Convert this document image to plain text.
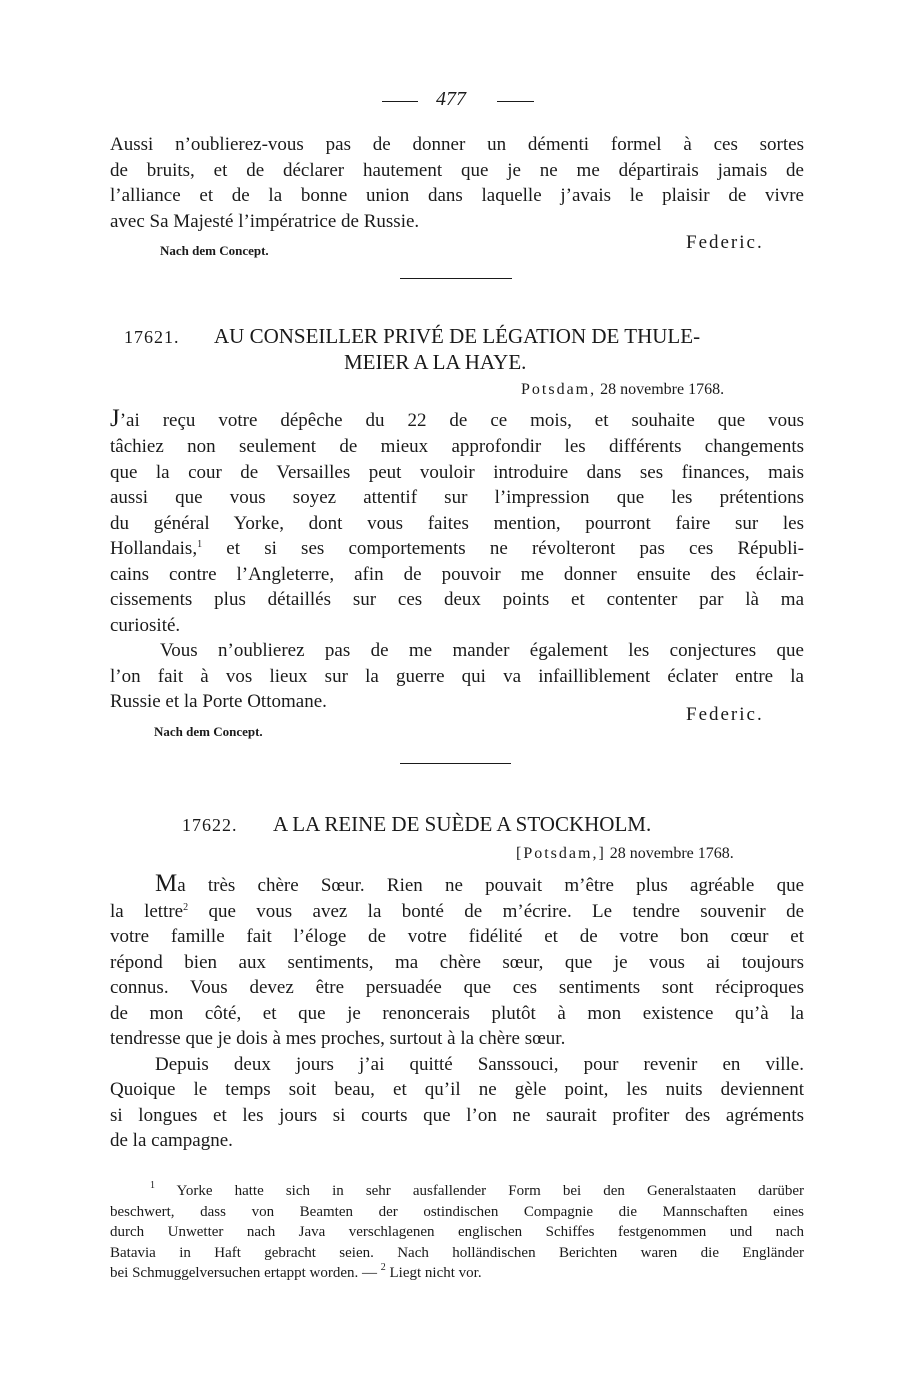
477
Aussi n’oublierez-vous pas de donner un démenti formel à ces sortes
de bruits, et de déclarer hautement que je ne me départirais jamais de
l’alliance et de la bonne union dans laquelle j’avais le plaisir de vivre
avec Sa Majesté l’impératrice de Russie.
Nach dem Concept.	Federic.
17621. AU CONSEILLER PRIVÉ DE LÉGATION DE THULE-
MEIER A LA HAYE.
Potsdam, 28 novembre 1768.
J’ai reçu votre dépêche du 22 de ce mois, et souhaite que vous
tâchiez non seulement de mieux approfondir les différents changements
que la cour de Versailles peut vouloir introduire dans ses finances, mais
aussi que vous soyez attentif sur l’impression que les prétentions
du général Yorke, dont vous faites mention, pourront faire sur les
Hollandais,$^1$ et si ses comportements ne révolteront pas ces Républi-
cains contre l’Angleterre, afin de pouvoir me donner ensuite des éclair-
cissements plus détaillés sur ces deux points et contenter par là ma
curiosité.
Vous n’oublierez pas de me mander également les conjectures que
l’on fait à vos lieux sur la guerre qui va infailliblement éclater entre la
Russie et la Porte Ottomane.
Federic.
Nach dem Concept.
17622. A LA REINE DE SUÈDE A STOCKHOLM.
[Potsdam,] 28 novembre 1768.
Ma très chère Sœur. Rien ne pouvait m’être plus agréable que
la lettre$^2$ que vous avez la bonté de m’écrire. Le tendre souvenir de
votre famille fait l’éloge de votre fidélité et de votre bon cœur et
répond bien aux sentiments, ma chère sœur, que je vous ai toujours
connus. Vous devez être persuadée que ces sentiments sont réciproques
de mon côté, et que je renoncerais plutôt à mon existence qu’à la
tendresse que je dois à mes proches, surtout à la chère sœur.
Depuis deux jours j’ai quitté Sanssouci, pour revenir en ville.
Quoique le temps soit beau, et qu’il ne gèle point, les nuits deviennent
si longues et les jours si courts que l’on ne saurait profiter des agréments
de la campagne.
$^1$ Yorke hatte sich in sehr ausfallender Form bei den Generalstaaten darüber
beschwert, dass von Beamten der ostindischen Compagnie die Mannschaften eines
durch Unwetter nach Java verschlagenen englischen Schiffes festgenommen und nach
Batavia in Haft gebracht seien. Nach holländischen Berichten waren die Engländer
bei Schmuggelversuchen ertappt worden. — $^2$ Liegt nicht vor.
